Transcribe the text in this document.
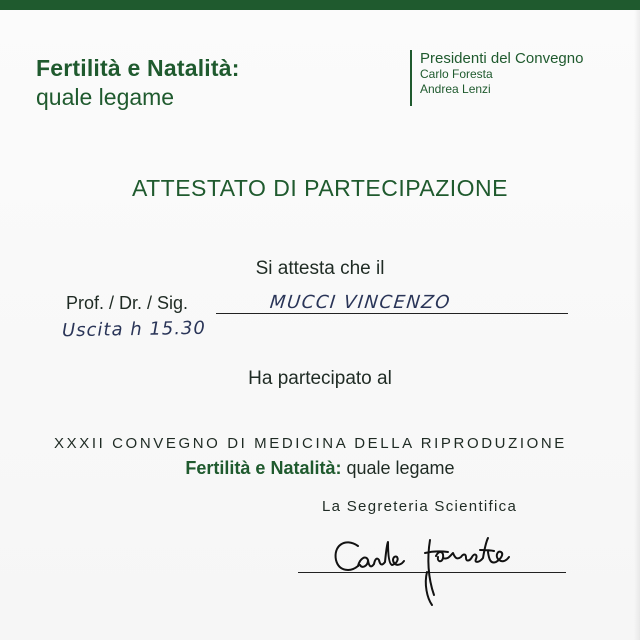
Fertilità e Natalità:
quale legame
Presidenti del Convegno
Carlo Foresta
Andrea Lenzi
ATTESTATO DI PARTECIPAZIONE
Si attesta che il
Prof. / Dr. / Sig.	MUCCI VINCENZO
Uscita h 15.30
Ha partecipato al
XXXII CONVEGNO DI MEDICINA DELLA RIPRODUZIONE
Fertilità e Natalità: quale legame
La Segreteria Scientifica
